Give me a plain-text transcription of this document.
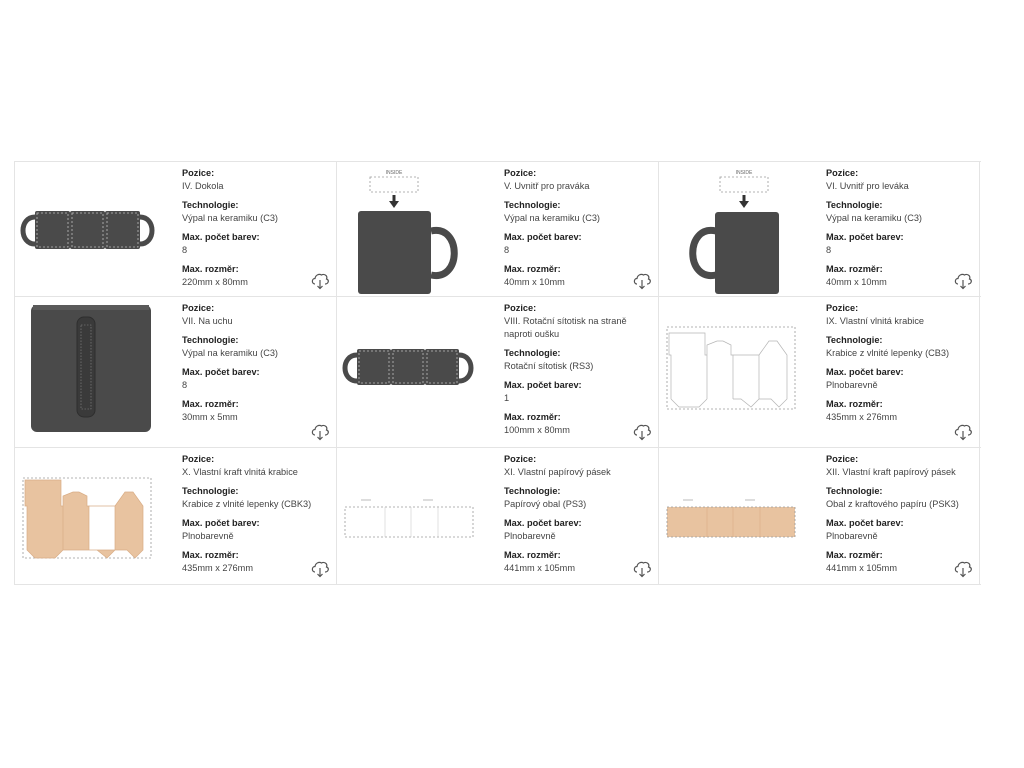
Pozice:
IV. Dokola
Technologie:
Výpal na keramiku (C3)
Max. počet barev:
8
Max. rozměr:
220mm x 80mm
INSIDE	Pozice:
V. Uvnitř pro praváka
Technologie:
Výpal na keramiku (C3)
Max. počet barev:
8
Max. rozměr:
40mm x 10mm
INSIDE	Pozice:
VI. Uvnitř pro leváka
Technologie:
Výpal na keramiku (C3)
Max. počet barev:
8
Max. rozměr:
40mm x 10mm
Pozice:
VII. Na uchu
Technologie:
Výpal na keramiku (C3)
Max. počet barev:
8
Max. rozměr:
30mm x 5mm
Pozice:
VIII. Rotační sítotisk na straně naproti oušku
Technologie:
Rotační sítotisk (RS3)
Max. počet barev:
1
Max. rozměr:
100mm x 80mm
Pozice:
IX. Vlastní vlnitá krabice
Technologie:
Krabice z vlnité lepenky (CB3)
Max. počet barev:
Plnobarevně
Max. rozměr:
435mm x 276mm
Pozice:
X. Vlastní kraft vlnitá krabice
Technologie:
Krabice z vlnité lepenky (CBK3)
Max. počet barev:
Plnobarevně
Max. rozměr:
435mm x 276mm
Pozice:
XI. Vlastní papírový pásek
Technologie:
Papírový obal (PS3)
Max. počet barev:
Plnobarevně
Max. rozměr:
441mm x 105mm
Pozice:
XII. Vlastní kraft papírový pásek
Technologie:
Obal z kraftového papíru (PSK3)
Max. počet barev:
Plnobarevně
Max. rozměr:
441mm x 105mm
